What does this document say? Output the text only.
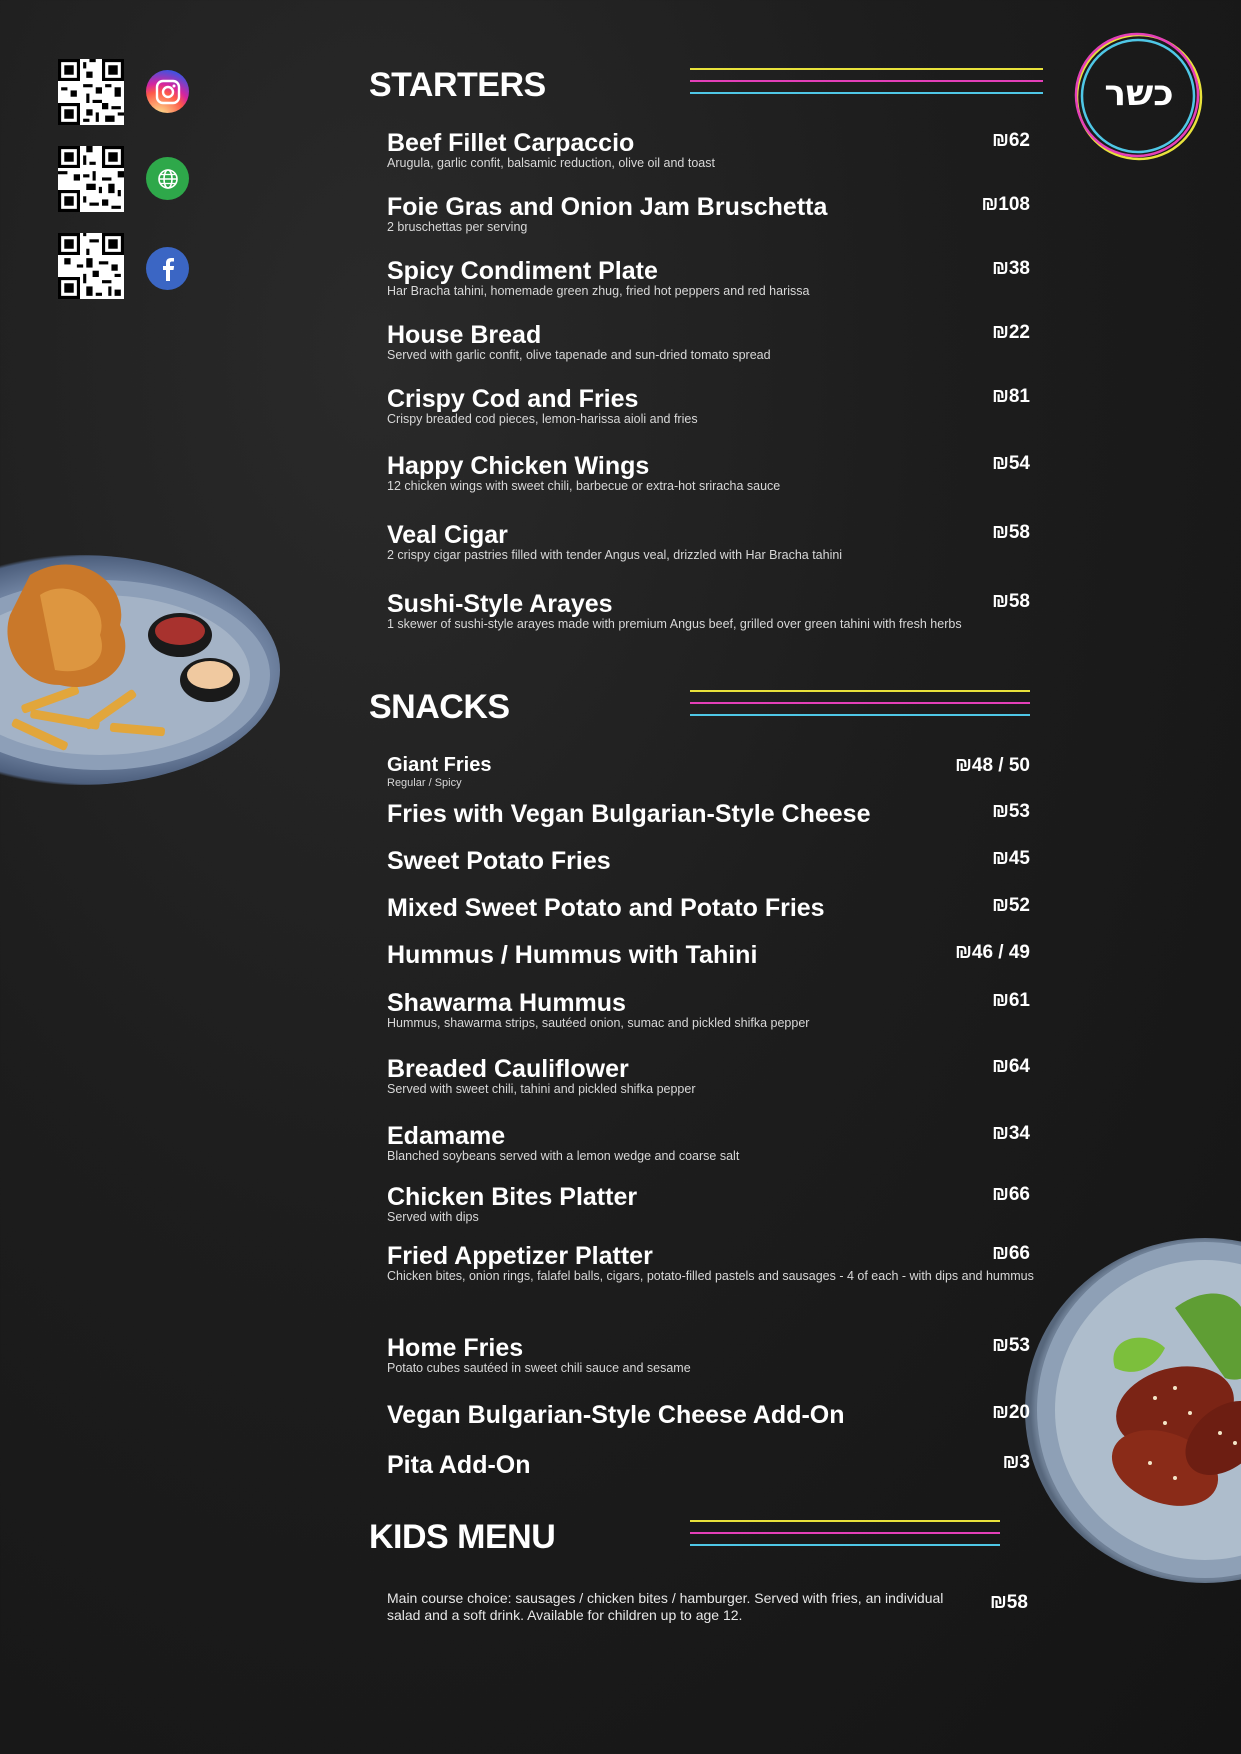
כשר
STARTERS
Beef Fillet Carpaccio
Arugula, garlic confit, balsamic reduction, olive oil and toast
₪62
Foie Gras and Onion Jam Bruschetta
2 bruschettas per serving
₪108
Spicy Condiment Plate
Har Bracha tahini, homemade green zhug, fried hot peppers and red harissa
₪38
House Bread
Served with garlic confit, olive tapenade and sun-dried tomato spread
₪22
Crispy Cod and Fries
Crispy breaded cod pieces, lemon-harissa aioli and fries
₪81
Happy Chicken Wings
12 chicken wings with sweet chili, barbecue or extra-hot sriracha sauce
₪54
Veal Cigar
2 crispy cigar pastries filled with tender Angus veal, drizzled with Har Bracha tahini
₪58
Sushi-Style Arayes
1 skewer of sushi-style arayes made with premium Angus beef, grilled over green tahini with fresh herbs
₪58
SNACKS
Giant Fries
Regular / Spicy
₪48 / 50
Fries with Vegan Bulgarian-Style Cheese	₪53
Sweet Potato Fries	₪45
Mixed Sweet Potato and Potato Fries	₪52
Hummus / Hummus with Tahini	₪46 / 49
Shawarma Hummus
Hummus, shawarma strips, sautéed onion, sumac and pickled shifka pepper
₪61
Breaded Cauliflower
Served with sweet chili, tahini and pickled shifka pepper
₪64
Edamame
Blanched soybeans served with a lemon wedge and coarse salt
₪34
Chicken Bites Platter
Served with dips
₪66
Fried Appetizer Platter
Chicken bites, onion rings, falafel balls, cigars, potato-filled pastels and sausages - 4 of each - with dips and hummus
₪66
Home Fries
Potato cubes sautéed in sweet chili sauce and sesame
₪53
Vegan Bulgarian-Style Cheese Add-On	₪20
Pita Add-On	₪3
KIDS MENU
Main course choice: sausages / chicken bites / hamburger. Served with fries, an individual salad and a soft drink. Available for children up to age 12.
₪58
